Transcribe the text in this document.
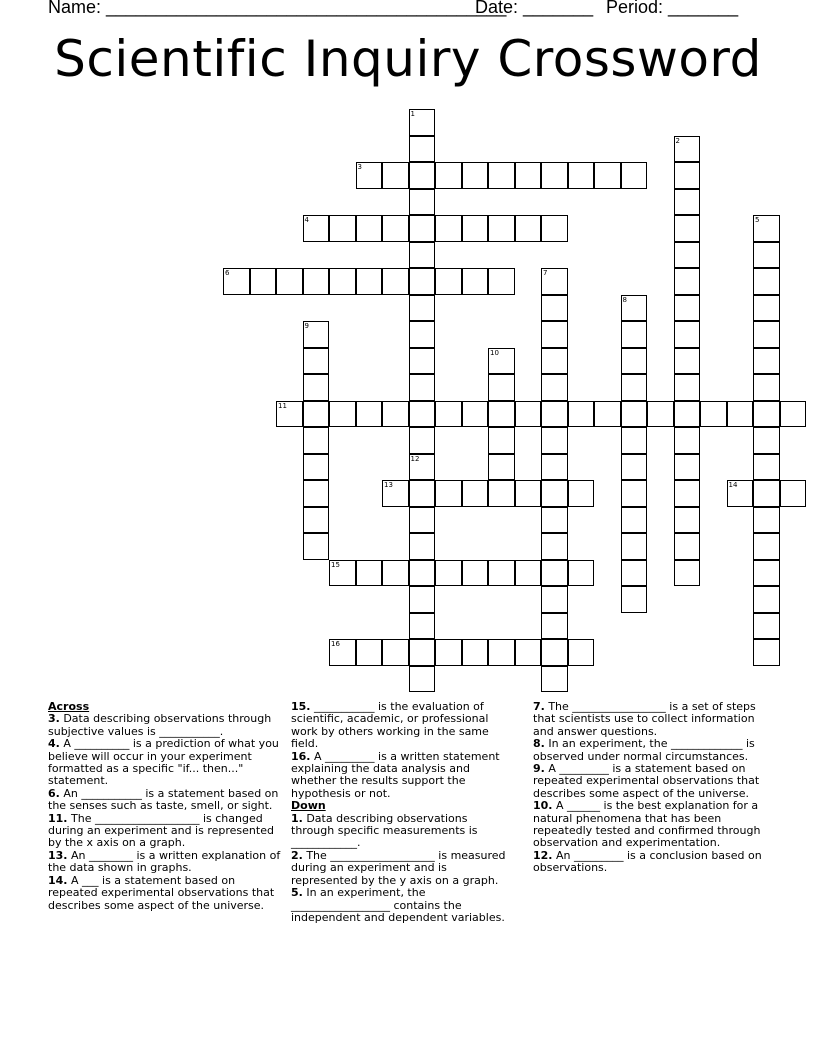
Name: ________________________________________
Date: _______ Period: _______
Scientific Inquiry Crossword
3
4
6
11
13	14
15
16
1
12
2
5
7
8
9
10
Across

3. Data describing observations through subjective values is ___________.

4. A __________ is a prediction of what you believe will occur in your experiment formatted as a specific "if... then..." statement.

6. An ___________ is a statement based on the senses such as taste, smell, or sight.

11. The ___________________ is changed during an experiment and is represented by the x axis on a graph.

13. An ________ is a written explanation of the data shown in graphs.

14. A ___ is a statement based on repeated experimental observations that describes some aspect of the universe.

15. ___________ is the evaluation of scientific, academic, or professional work by others working in the same field.

16. A _________ is a written statement explaining the data analysis and whether the results support the hypothesis or not.

Down

1. Data describing observations through specific measurements is ____________.

2. The ___________________ is measured during an experiment and is represented by the y axis on a graph.

5. In an experiment, the __________________ contains the independent and dependent variables.

7. The _________________ is a set of steps that scientists use to collect information and answer questions.

8. In an experiment, the _____________ is observed under normal circumstances.

9. A _________ is a statement based on repeated experimental observations that describes some aspect of the universe.

10. A ______ is the best explanation for a natural phenomena that has been repeatedly tested and confirmed through observation and experimentation.

12. An _________ is a conclusion based on observations.
